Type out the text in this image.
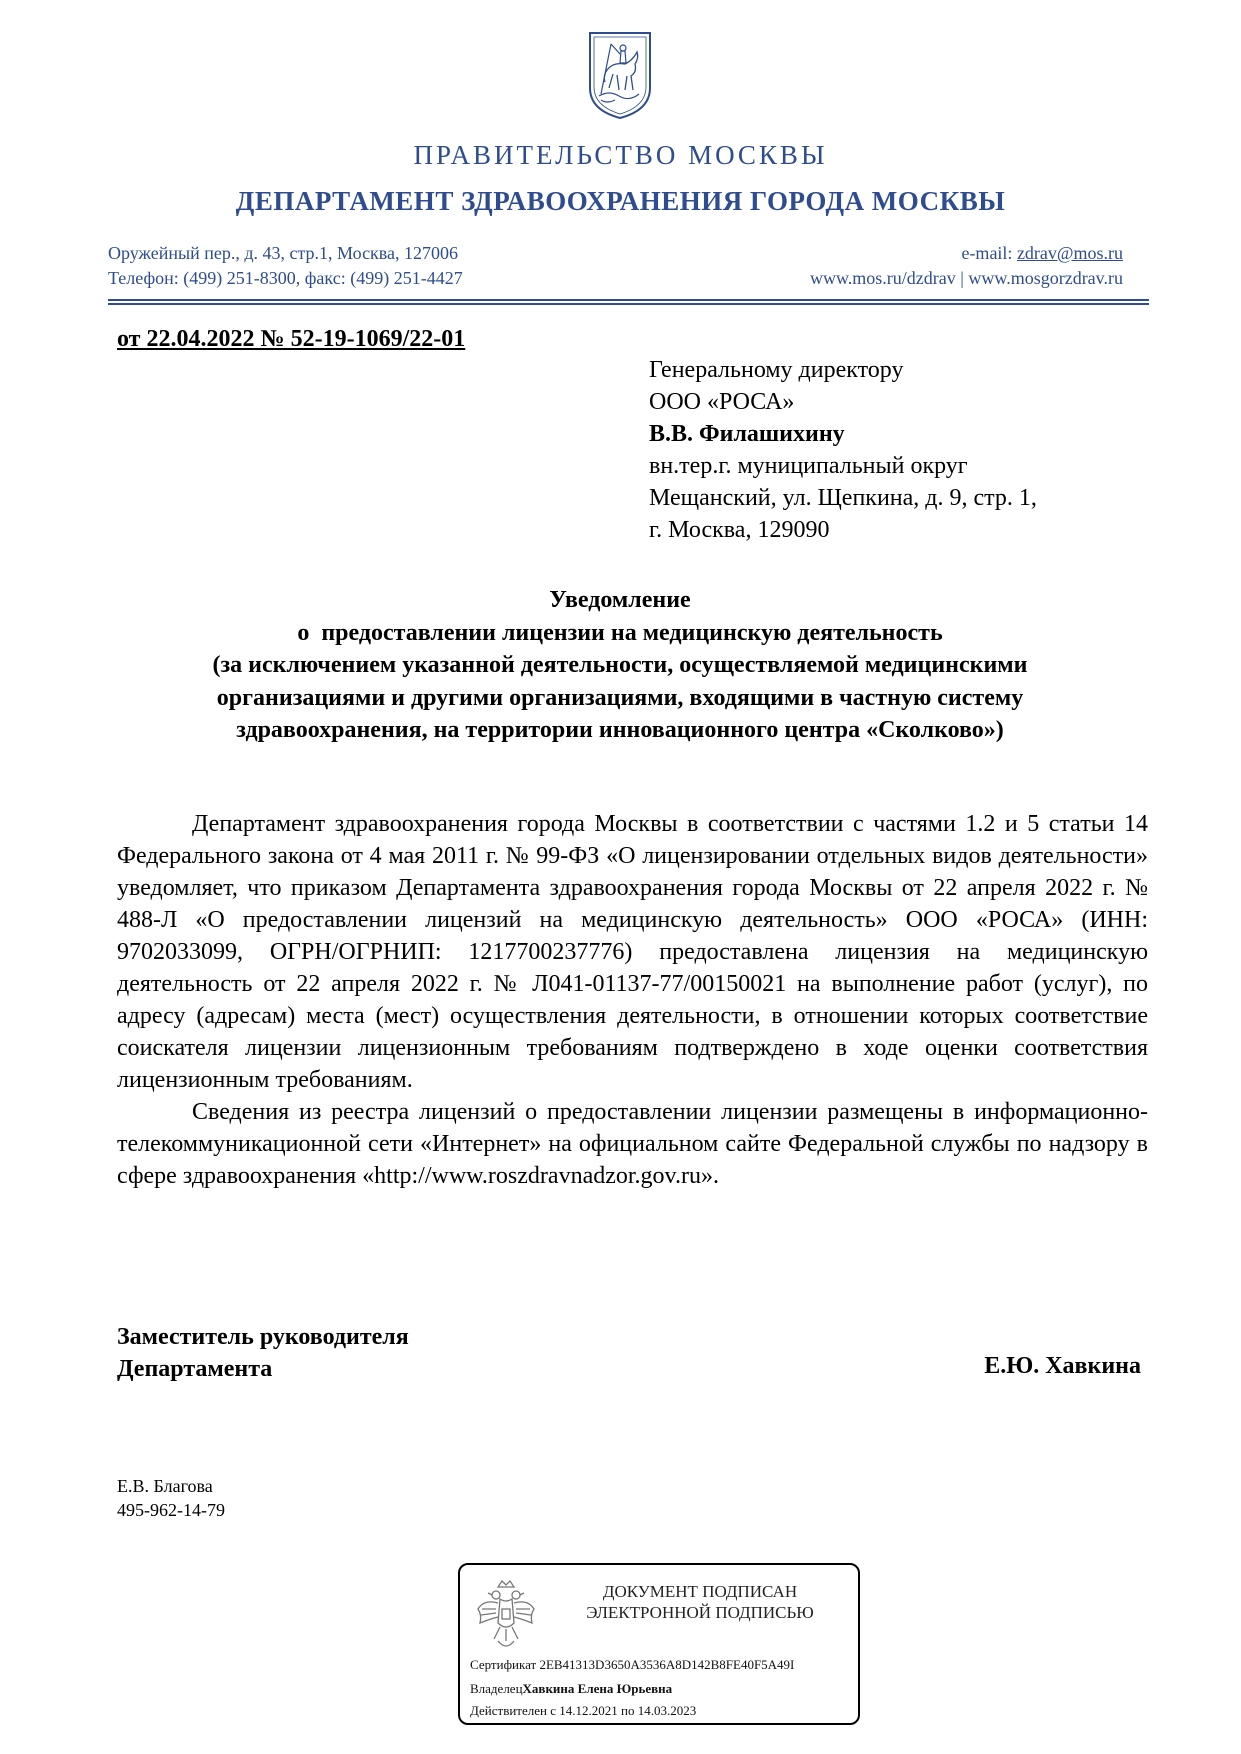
ПРАВИТЕЛЬСТВО МОСКВЫ
ДЕПАРТАМЕНТ ЗДРАВООХРАНЕНИЯ ГОРОДА МОСКВЫ
Оружейный пер., д. 43, стр.1, Москва, 127006
Телефон: (499) 251-8300, факс: (499) 251-4427
e-mail: zdrav@mos.ru
www.mos.ru/dzdrav | www.mosgorzdrav.ru
от 22.04.2022 № 52-19-1069/22-01
Генеральному директору
ООО «РОСА»
В.В. Филашихину
вн.тер.г. муниципальный округ
Мещанский, ул. Щепкина, д. 9, стр. 1,
г. Москва, 129090
Уведомление
о  предоставлении лицензии на медицинскую деятельность
(за исключением указанной деятельности, осуществляемой медицинскими
организациями и другими организациями, входящими в частную систему
здравоохранения, на территории инновационного центра «Сколково»)

Департамент здравоохранения города Москвы в соответствии с частями 1.2 и 5 статьи 14 Федерального закона от 4 мая 2011 г. № 99-ФЗ «О лицензировании отдельных видов деятельности» уведомляет, что приказом Департамента здравоохранения города Москвы от 22 апреля 2022 г. № 488-Л «О предоставлении лицензий на медицинскую деятельность» ООО «РОСА» (ИНН: 9702033099, ОГРН/ОГРНИП: 1217700237776) предоставлена лицензия на медицинскую деятельность от 22 апреля 2022 г. № Л041-01137-77/00150021 на выполнение работ (услуг), по адресу (адресам) места (мест) осуществления деятельности, в отношении которых соответствие соискателя лицензии лицензионным требованиям подтверждено в ходе оценки соответствия лицензионным требованиям.

Сведения из реестра лицензий о предоставлении лицензии размещены в информационно-телекоммуникационной сети «Интернет» на официальном сайте Федеральной службы по надзору в сфере здравоохранения «http://www.roszdravnadzor.gov.ru».

Заместитель руководителя
Департамента	Е.Ю. Хавкина
Е.В. Благова
495-962-14-79
ДОКУМЕНТ ПОДПИСАН
ЭЛЕКТРОННОЙ ПОДПИСЬЮ
Сертификат 2EB41313D3650A3536A8D142B8FE40F5A49I
ВладелецХавкина Елена Юрьевна
Действителен с 14.12.2021 по 14.03.2023
